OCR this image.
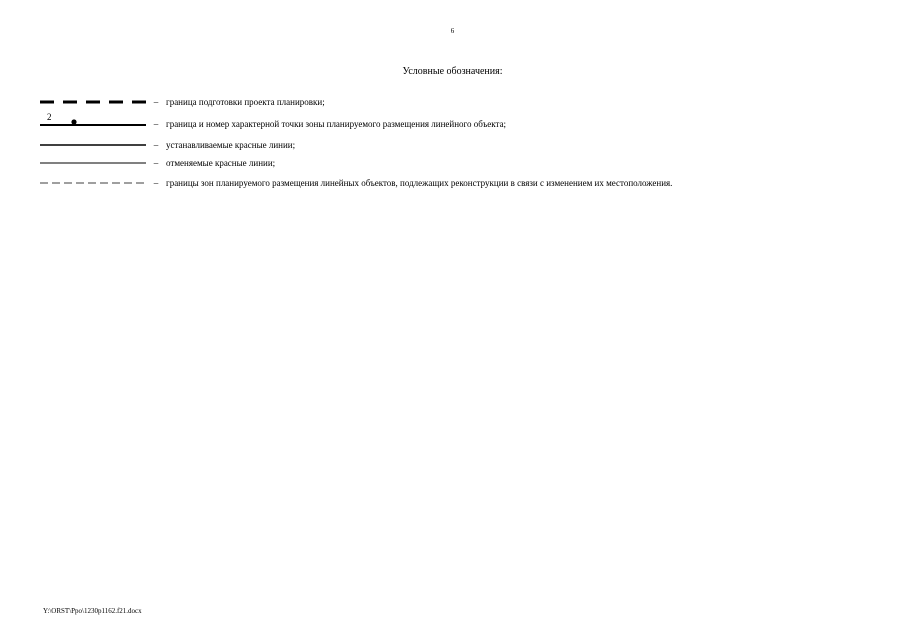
6
Условные обозначения:
– граница подготовки проекта планировки;
2
– граница и номер характерной точки зоны планируемого размещения линейного объекта;
– устанавливаемые красные линии;
– отменяемые красные линии;
– границы зон планируемого размещения линейных объектов, подлежащих реконструкции в связи с изменением их местоположения.
Y:\ORST\Ppo\1230p1162.f21.docx
